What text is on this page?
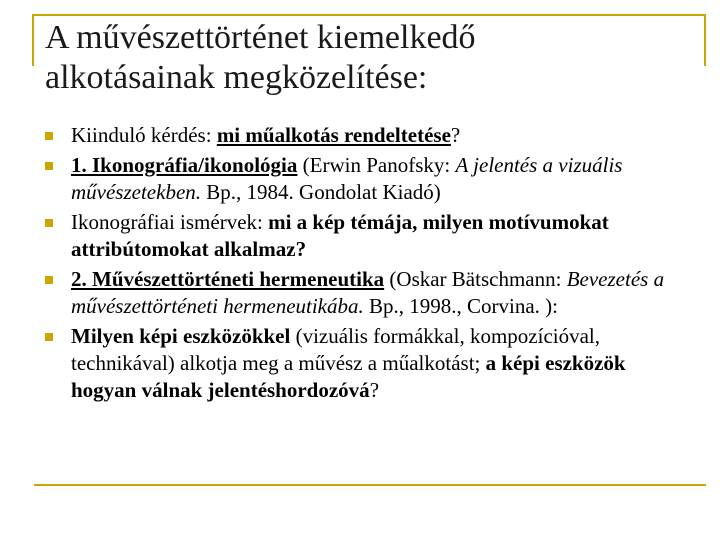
A művészettörténet kiemelkedő
alkotásainak megközelítése:
Kiinduló kérdés: mi műalkotás rendeltetése?
1. Ikonográfia/ikonológia (Erwin Panofsky: A jelentés a vizuális művészetekben. Bp., 1984. Gondolat Kiadó)
Ikonográfiai ismérvek: mi a kép témája, milyen motívumokat attribútomokat alkalmaz?
2. Művészettörténeti hermeneutika (Oskar Bätschmann: Bevezetés a művészettörténeti hermeneutikába. Bp., 1998., Corvina. ):
Milyen képi eszközökkel (vizuális formákkal, kompozícióval, technikával) alkotja meg a művész a műalkotást; a képi eszközök hogyan válnak jelentéshordozóvá?
